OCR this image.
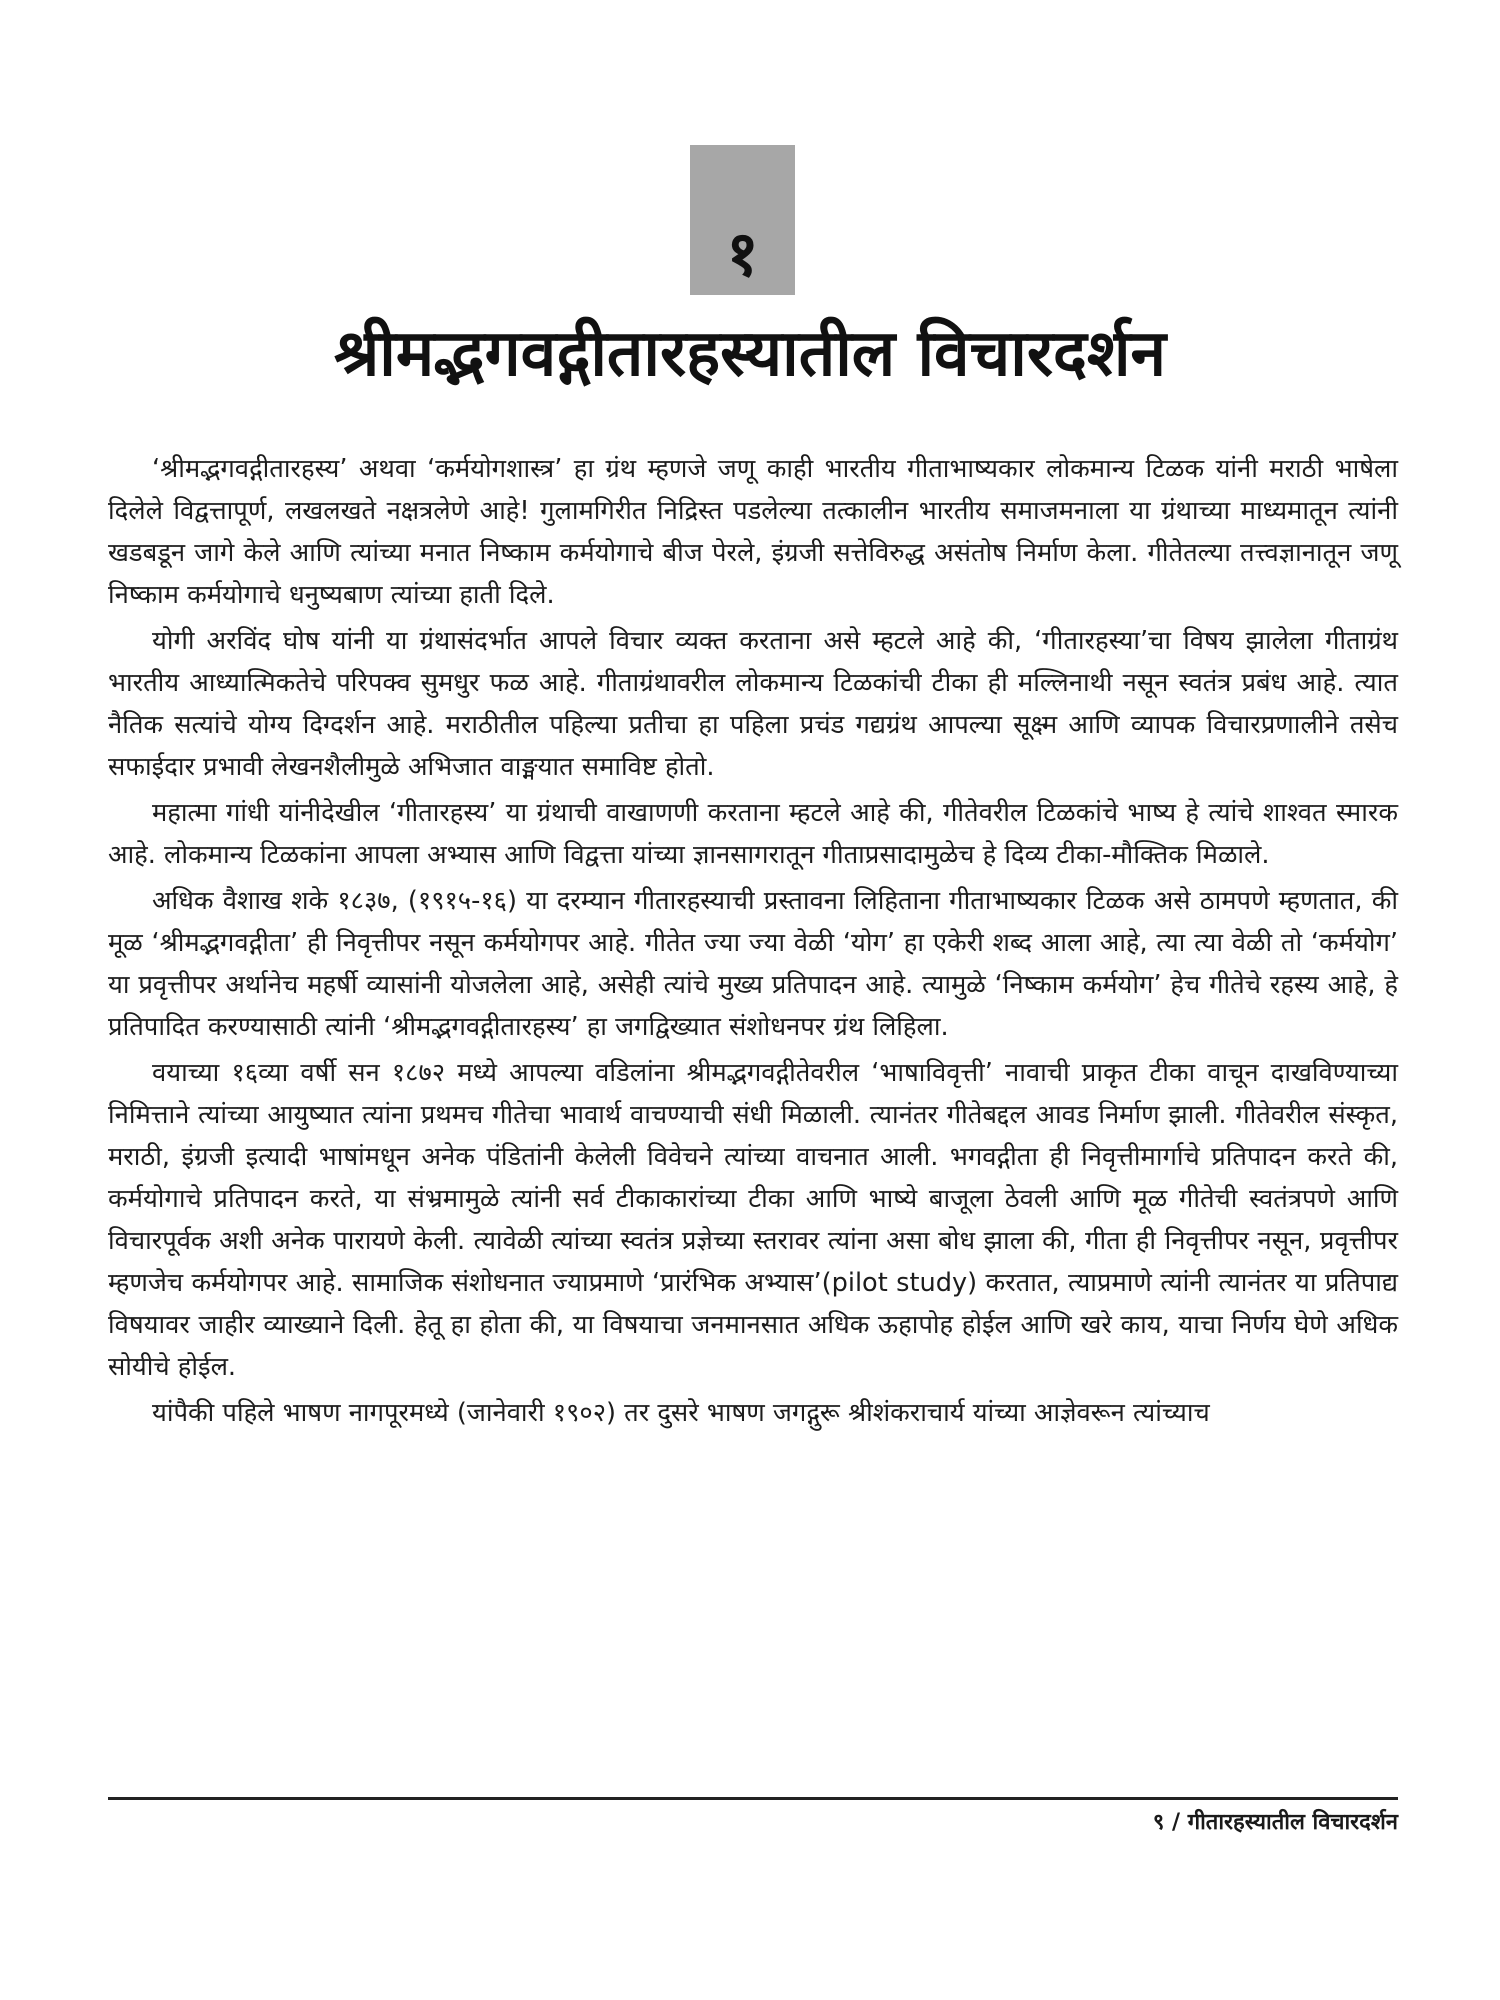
१
श्रीमद्भगवद्गीतारहस्यातील विचारदर्शन

‘श्रीमद्भगवद्गीतारहस्य’ अथवा ‘कर्मयोगशास्त्र’ हा ग्रंथ म्हणजे जणू काही भारतीय गीताभाष्यकार लोकमान्य टिळक यांनी मराठी भाषेला दिलेले विद्वत्तापूर्ण, लखलखते नक्षत्रलेणे आहे! गुलामगिरीत निद्रिस्त पडलेल्या तत्कालीन भारतीय समाजमनाला या ग्रंथाच्या माध्यमातून त्यांनी खडबडून जागे केले आणि त्यांच्या मनात निष्काम कर्मयोगाचे बीज पेरले, इंग्रजी सत्तेविरुद्ध असंतोष निर्माण केला. गीतेतल्या तत्त्वज्ञानातून जणू निष्काम कर्मयोगाचे धनुष्यबाण त्यांच्या हाती दिले.

योगी अरविंद घोष यांनी या ग्रंथासंदर्भात आपले विचार व्यक्त करताना असे म्हटले आहे की, ‘गीतारहस्या’चा विषय झालेला गीताग्रंथ भारतीय आध्यात्मिकतेचे परिपक्व सुमधुर फळ आहे. गीताग्रंथावरील लोकमान्य टिळकांची टीका ही मल्लिनाथी नसून स्वतंत्र प्रबंध आहे. त्यात नैतिक सत्यांचे योग्य दिग्दर्शन आहे. मराठीतील पहिल्या प्रतीचा हा पहिला प्रचंड गद्यग्रंथ आपल्या सूक्ष्म आणि व्यापक विचारप्रणालीने तसेच सफाईदार प्रभावी लेखनशैलीमुळे अभिजात वाङ्मयात समाविष्ट होतो.

महात्मा गांधी यांनीदेखील ‘गीतारहस्य’ या ग्रंथाची वाखाणणी करताना म्हटले आहे की, गीतेवरील टिळकांचे भाष्य हे त्यांचे शाश्वत स्मारक आहे. लोकमान्य टिळकांना आपला अभ्यास आणि विद्वत्ता यांच्या ज्ञानसागरातून गीताप्रसादामुळेच हे दिव्य टीका-मौक्तिक मिळाले.

अधिक वैशाख शके १८३७, (१९१५-१६) या दरम्यान गीतारहस्याची प्रस्तावना लिहिताना गीताभाष्यकार टिळक असे ठामपणे म्हणतात, की मूळ ‘श्रीमद्भगवद्गीता’ ही निवृत्तीपर नसून कर्मयोगपर आहे. गीतेत ज्या ज्या वेळी ‘योग’ हा एकेरी शब्द आला आहे, त्या त्या वेळी तो ‘कर्मयोग’ या प्रवृत्तीपर अर्थानेच महर्षी व्यासांनी योजलेला आहे, असेही त्यांचे मुख्य प्रतिपादन आहे. त्यामुळे ‘निष्काम कर्मयोग’ हेच गीतेचे रहस्य आहे, हे प्रतिपादित करण्यासाठी त्यांनी ‘श्रीमद्भगवद्गीतारहस्य’ हा जगद्विख्यात संशोधनपर ग्रंथ लिहिला.

वयाच्या १६व्या वर्षी सन १८७२ मध्ये आपल्या वडिलांना श्रीमद्भगवद्गीतेवरील ‘भाषाविवृत्ती’ नावाची प्राकृत टीका वाचून दाखविण्याच्या निमित्ताने त्यांच्या आयुष्यात त्यांना प्रथमच गीतेचा भावार्थ वाचण्याची संधी मिळाली. त्यानंतर गीतेबद्दल आवड निर्माण झाली. गीतेवरील संस्कृत, मराठी, इंग्रजी इत्यादी भाषांमधून अनेक पंडितांनी केलेली विवेचने त्यांच्या वाचनात आली. भगवद्गीता ही निवृत्तीमार्गाचे प्रतिपादन करते की, कर्मयोगाचे प्रतिपादन करते, या संभ्रमामुळे त्यांनी सर्व टीकाकारांच्या टीका आणि भाष्ये बाजूला ठेवली आणि मूळ गीतेची स्वतंत्रपणे आणि विचारपूर्वक अशी अनेक पारायणे केली. त्यावेळी त्यांच्या स्वतंत्र प्रज्ञेच्या स्तरावर त्यांना असा बोध झाला की, गीता ही निवृत्तीपर नसून, प्रवृत्तीपर म्हणजेच कर्मयोगपर आहे. सामाजिक संशोधनात ज्याप्रमाणे ‘प्रारंभिक अभ्यास’(pilot study) करतात, त्याप्रमाणे त्यांनी त्यानंतर या प्रतिपाद्य विषयावर जाहीर व्याख्याने दिली. हेतू हा होता की, या विषयाचा जनमानसात अधिक ऊहापोह होईल आणि खरे काय, याचा निर्णय घेणे अधिक सोयीचे होईल.

यांपैकी पहिले भाषण नागपूरमध्ये (जानेवारी १९०२) तर दुसरे भाषण जगद्गुरू श्रीशंकराचार्य यांच्या आज्ञेवरून त्यांच्याच

९ / गीतारहस्यातील विचारदर्शन
